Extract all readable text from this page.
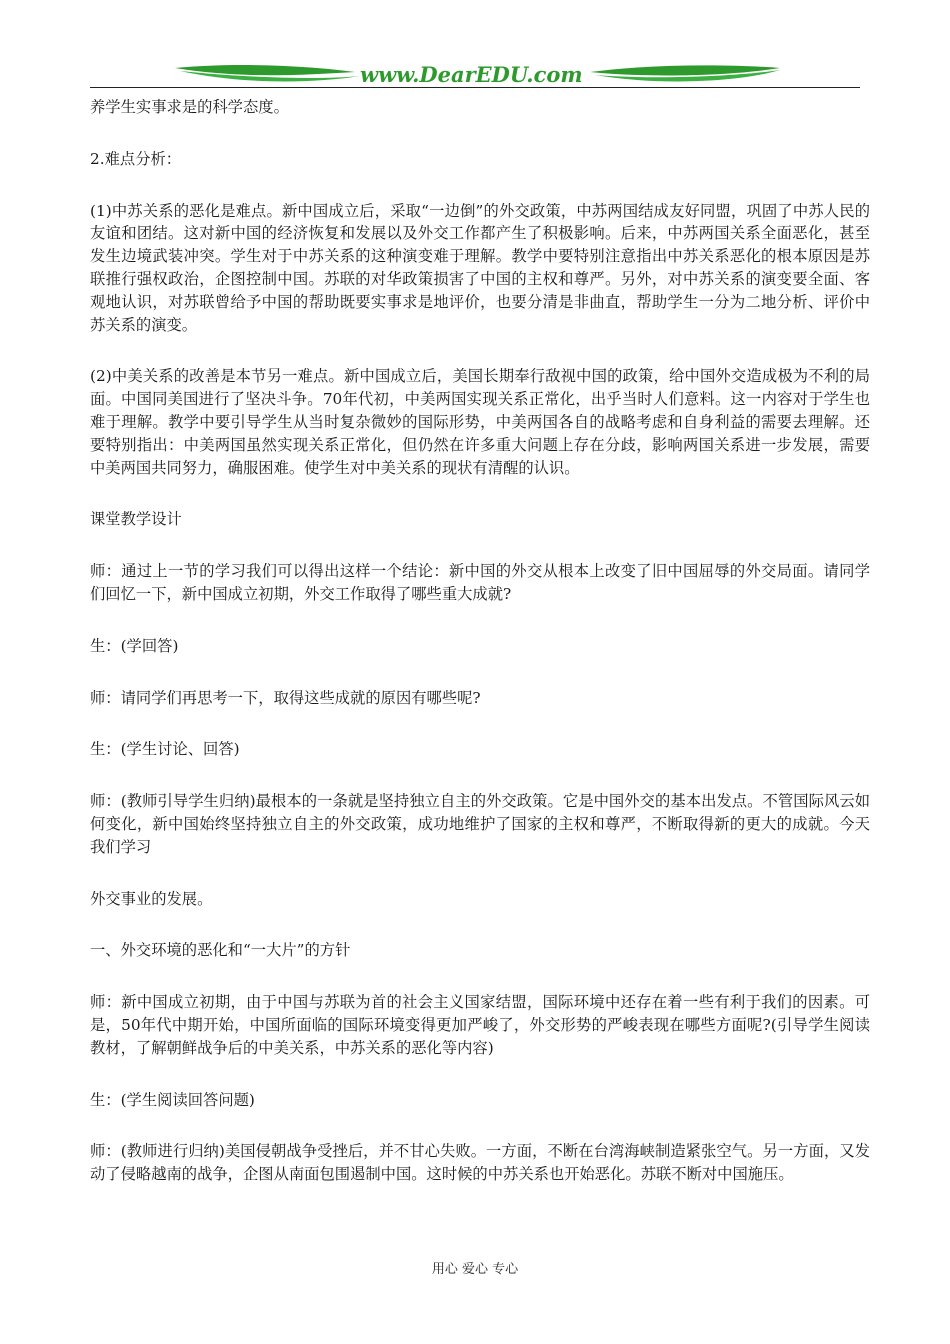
www.DearEDU.com

养学生实事求是的科学态度。

2.难点分析：

(1)中苏关系的恶化是难点。新中国成立后，采取“一边倒”的外交政策，中苏两国结成友好同盟，巩固了中苏人民的友谊和团结。这对新中国的经济恢复和发展以及外交工作都产生了积极影响。后来，中苏两国关系全面恶化，甚至发生边境武装冲突。学生对于中苏关系的这种演变难于理解。教学中要特别注意指出中苏关系恶化的根本原因是苏联推行强权政治，企图控制中国。苏联的对华政策损害了中国的主权和尊严。另外，对中苏关系的演变要全面、客观地认识，对苏联曾给予中国的帮助既要实事求是地评价，也要分清是非曲直，帮助学生一分为二地分析、评价中苏关系的演变。

(2)中美关系的改善是本节另一难点。新中国成立后，美国长期奉行敌视中国的政策，给中国外交造成极为不利的局面。中国同美国进行了坚决斗争。70年代初，中美两国实现关系正常化，出乎当时人们意料。这一内容对于学生也难于理解。教学中要引导学生从当时复杂微妙的国际形势，中美两国各自的战略考虑和自身利益的需要去理解。还要特别指出：中美两国虽然实现关系正常化，但仍然在许多重大问题上存在分歧，影响两国关系进一步发展，需要中美两国共同努力，确服困难。使学生对中美关系的现状有清醒的认识。

课堂教学设计

师：通过上一节的学习我们可以得出这样一个结论：新中国的外交从根本上改变了旧中国屈辱的外交局面。请同学们回忆一下，新中国成立初期，外交工作取得了哪些重大成就?

生：(学回答)

师：请同学们再思考一下，取得这些成就的原因有哪些呢?

生：(学生讨论、回答)

师：(教师引导学生归纳)最根本的一条就是坚持独立自主的外交政策。它是中国外交的基本出发点。不管国际风云如何变化，新中国始终坚持独立自主的外交政策，成功地维护了国家的主权和尊严，不断取得新的更大的成就。今天我们学习

外交事业的发展。

一、外交环境的恶化和“一大片”的方针

师：新中国成立初期，由于中国与苏联为首的社会主义国家结盟，国际环境中还存在着一些有利于我们的因素。可是，50年代中期开始，中国所面临的国际环境变得更加严峻了，外交形势的严峻表现在哪些方面呢?(引导学生阅读教材，了解朝鲜战争后的中美关系，中苏关系的恶化等内容)

生：(学生阅读回答问题)

师：(教师进行归纳)美国侵朝战争受挫后，并不甘心失败。一方面，不断在台湾海峡制造紧张空气。另一方面，又发动了侵略越南的战争，企图从南面包围遏制中国。这时候的中苏关系也开始恶化。苏联不断对中国施压。

用心 爱心 专心
